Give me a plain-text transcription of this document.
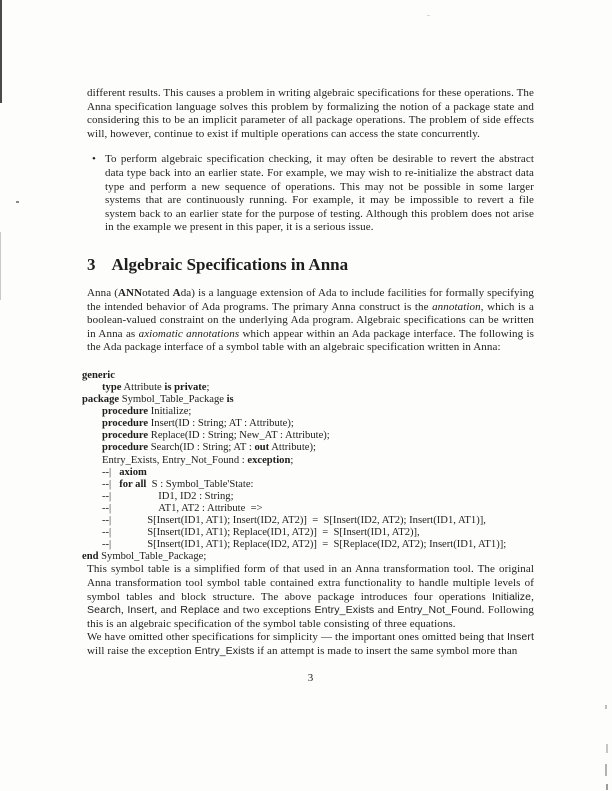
different results. This causes a problem in writing algebraic specifications for these operations. The Anna specification language solves this problem by formalizing the notion of a package state and considering this to be an implicit parameter of all package operations. The problem of side effects will, however, continue to exist if multiple operations can access the state concurrently.

• To perform algebraic specification checking, it may often be desirable to revert the abstract data type back into an earlier state. For example, we may wish to re-initialize the abstract data type and perform a new sequence of operations. This may not be possible in some larger systems that are continuously running. For example, it may be impossible to revert a file system back to an earlier state for the purpose of testing. Although this problem does not arise in the example we present in this paper, it is a serious issue.

3 Algebraic Specifications in Anna

Anna (ANNotated Ada) is a language extension of Ada to include facilities for formally specifying the intended behavior of Ada programs. The primary Anna construct is the annotation, which is a boolean-valued constraint on the underlying Ada program. Algebraic specifications can be written in Anna as axiomatic annotations which appear within an Ada package interface. The following is the Ada package interface of a symbol table with an algebraic specification written in Anna:

generic
type Attribute is private;
package Symbol_Table_Package is
procedure Initialize;
procedure Insert(ID : String; AT : Attribute);
procedure Replace(ID : String; New_AT : Attribute);
procedure Search(ID : String; AT : out Attribute);
Entry_Exists, Entry_Not_Found : exception;
--| axiom
--| for all  S : Symbol_Table'State:
--|	ID1, ID2 : String;
--|	AT1, AT2 : Attribute  =>
--|	S[Insert(ID1, AT1); Insert(ID2, AT2)]  =  S[Insert(ID2, AT2); Insert(ID1, AT1)],
--|	S[Insert(ID1, AT1); Replace(ID1, AT2)]  =  S[Insert(ID1, AT2)],
--|	S[Insert(ID1, AT1); Replace(ID2, AT2)]  =  S[Replace(ID2, AT2); Insert(ID1, AT1)];
end Symbol_Table_Package;

This symbol table is a simplified form of that used in an Anna transformation tool. The original Anna transformation tool symbol table contained extra functionality to handle multiple levels of symbol tables and block structure. The above package introduces four operations Initialize, Search, Insert, and Replace and two exceptions Entry_Exists and Entry_Not_Found. Following this is an algebraic specification of the symbol table consisting of three equations.

We have omitted other specifications for simplicity — the important ones omitted being that Insert will raise the exception Entry_Exists if an attempt is made to insert the same symbol more than

3
